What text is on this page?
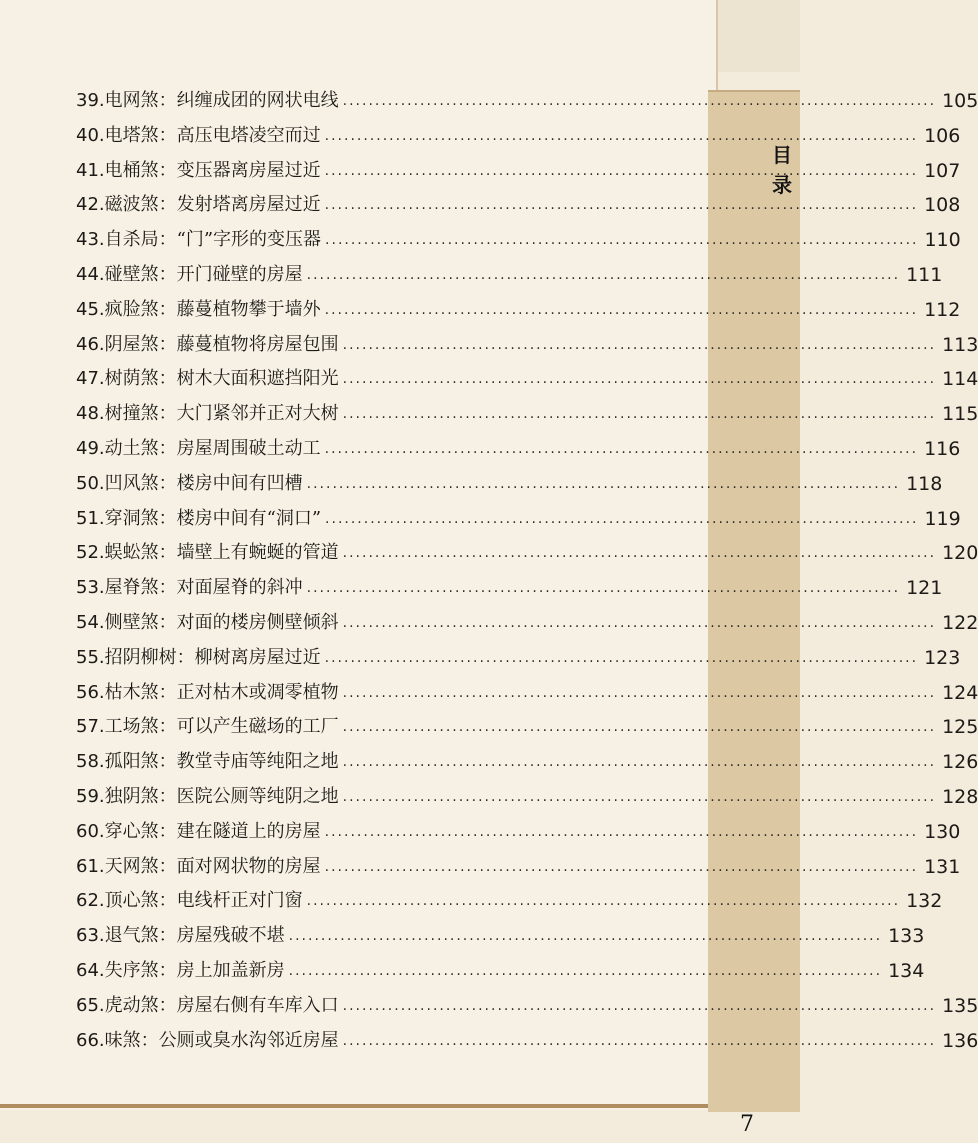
目
录
39. 电网煞 ： 纠缠成团的网状电线 ............................................................................................ 105
40. 电塔煞 ： 高压电塔凌空而过 ............................................................................................ 106
41. 电桶煞 ： 变压器离房屋过近 ............................................................................................ 107
42. 磁波煞 ： 发射塔离房屋过近 ............................................................................................ 108
43. 自杀局 ： “门”字形的变压器 ............................................................................................ 110
44. 碰壁煞 ： 开门碰壁的房屋 ............................................................................................ 111
45. 疯脸煞 ： 藤蔓植物攀于墙外 ............................................................................................ 112
46. 阴屋煞 ： 藤蔓植物将房屋包围 ............................................................................................ 113
47. 树荫煞 ： 树木大面积遮挡阳光 ............................................................................................ 114
48. 树撞煞 ： 大门紧邻并正对大树 ............................................................................................ 115
49. 动土煞 ： 房屋周围破土动工 ............................................................................................ 116
50. 凹风煞 ： 楼房中间有凹槽 ............................................................................................ 118
51. 穿洞煞 ： 楼房中间有“洞口” ............................................................................................ 119
52. 蜈蚣煞 ： 墙壁上有蜿蜒的管道 ............................................................................................ 120
53. 屋脊煞 ： 对面屋脊的斜冲 ............................................................................................ 121
54. 侧壁煞 ： 对面的楼房侧壁倾斜 ............................................................................................ 122
55. 招阴柳树 ： 柳树离房屋过近 ............................................................................................ 123
56. 枯木煞 ： 正对枯木或凋零植物 ............................................................................................ 124
57. 工场煞 ： 可以产生磁场的工厂 ............................................................................................ 125
58. 孤阳煞 ： 教堂寺庙等纯阳之地 ............................................................................................ 126
59. 独阴煞 ： 医院公厕等纯阴之地 ............................................................................................ 128
60. 穿心煞 ： 建在隧道上的房屋 ............................................................................................ 130
61. 天网煞 ： 面对网状物的房屋 ............................................................................................ 131
62. 顶心煞 ： 电线杆正对门窗 ............................................................................................ 132
63. 退气煞 ： 房屋残破不堪 ............................................................................................ 133
64. 失序煞 ： 房上加盖新房 ............................................................................................ 134
65. 虎动煞 ： 房屋右侧有车库入口 ............................................................................................ 135
66. 味煞 ： 公厕或臭水沟邻近房屋 ............................................................................................ 136
7
